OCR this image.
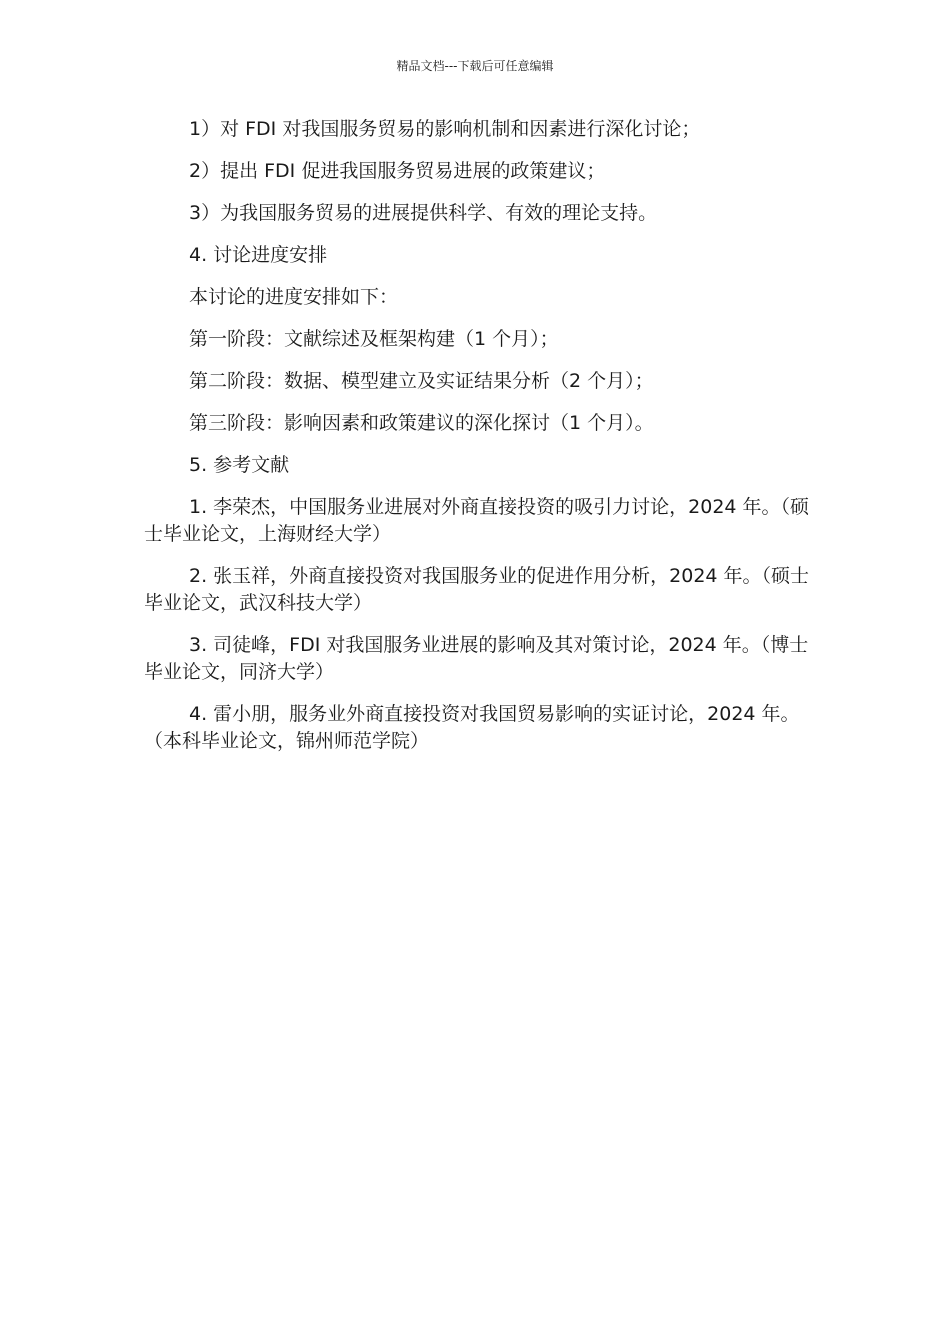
精品文档---下载后可任意编辑

1）对 FDI 对我国服务贸易的影响机制和因素进行深化讨论；

2）提出 FDI 促进我国服务贸易进展的政策建议；

3）为我国服务贸易的进展提供科学、有效的理论支持。

4. 讨论进度安排

本讨论的进度安排如下：

第一阶段：文献综述及框架构建（1 个月）；

第二阶段：数据、模型建立及实证结果分析（2 个月）；

第三阶段：影响因素和政策建议的深化探讨（1 个月）。

5. 参考文献

1. 李荣杰，中国服务业进展对外商直接投资的吸引力讨论，2024 年。（硕士毕业论文，上海财经大学）

2. 张玉祥，外商直接投资对我国服务业的促进作用分析，2024 年。（硕士毕业论文，武汉科技大学）

3. 司徒峰，FDI 对我国服务业进展的影响及其对策讨论，2024 年。（博士毕业论文，同济大学）

4. 雷小朋，服务业外商直接投资对我国贸易影响的实证讨论，2024 年。（本科毕业论文，锦州师范学院）
